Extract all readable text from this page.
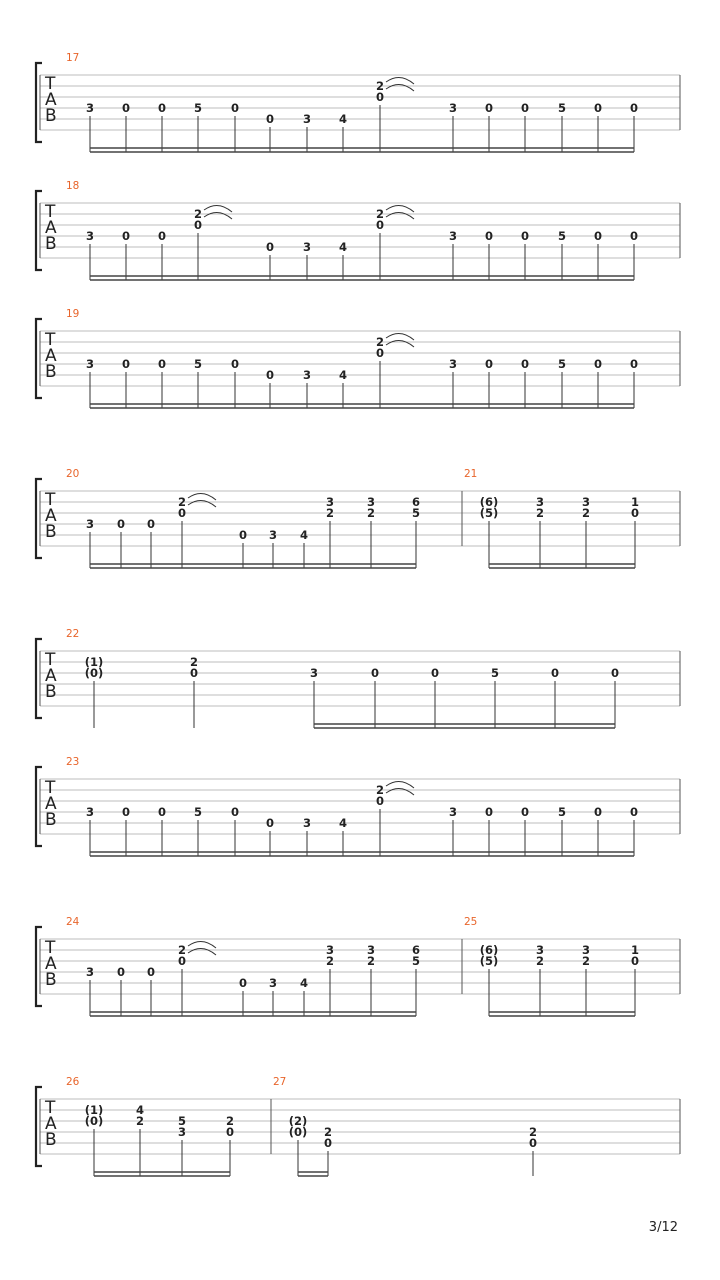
T
A
B
17
3 0 0 5	0
0	3 4
2
0
3 0 0	5 0 0
T
A
B
18
3 0 0
2
0
0	3 4
2
0
3 0 0	5 0 0
T
A
B
19
3 0 0 5	0
0	3 4
2
0
3 0 0	5 0 0
T
A
B
20
3 0 0
2
0
0 3 4
3
2
3
2
6
5
21
(6)
(5)
3
2
3
2
1
0
T
A
B
22
(1)
(0)
2
0	3	0	0	5	0	0
T
A
B
23
3 0 0 5	0
0	3 4
2
0
3 0 0	5 0 0
T
A
B
24
3 0 0
2
0
0 3 4
3
2
3
2
6
5
25
(6)
(5)
3
2
3
2
1
0
T
A
B
26
(1)
(0)
4
2	5
3
2
0
27
(2)
(0) 2
0
2
0
3/12
